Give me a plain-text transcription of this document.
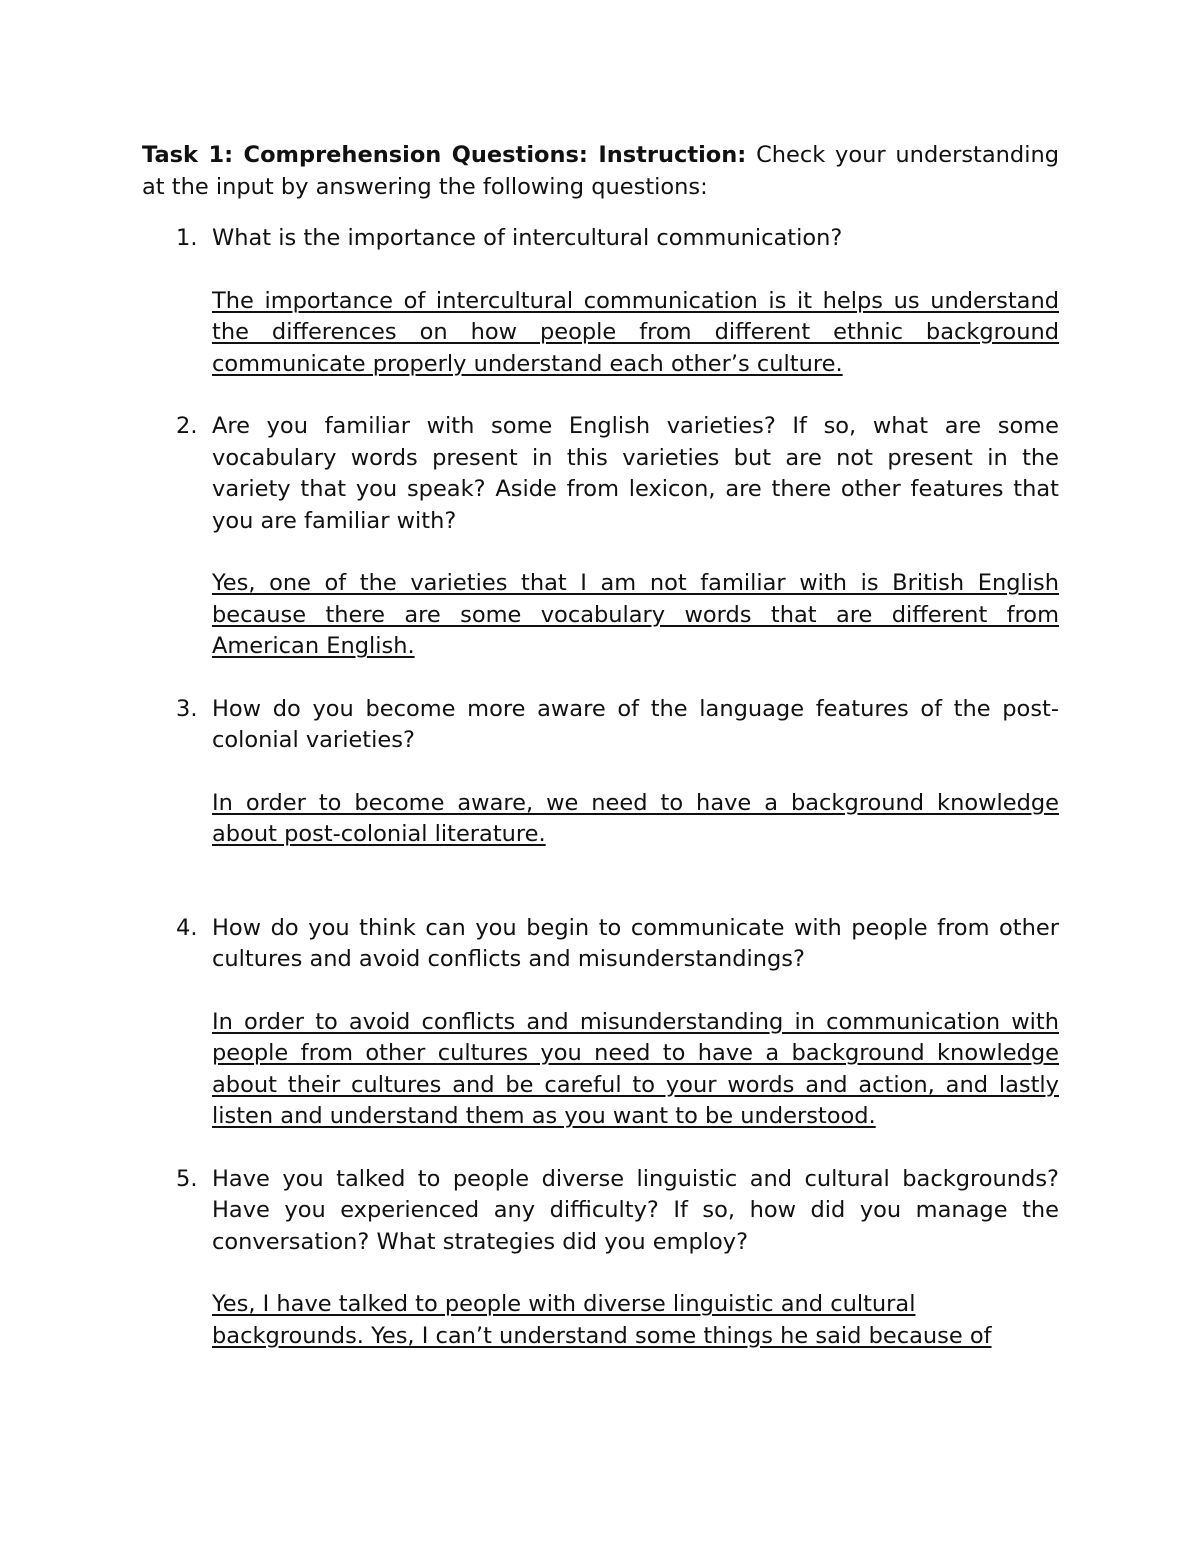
Task 1: Comprehension Questions: Instruction: Check your understanding at the input by answering the following questions:

1. What is the importance of intercultural communication?

The importance of intercultural communication is it helps us understand the differences on how people from different ethnic background communicate properly understand each other’s culture.

2. Are you familiar with some English varieties? If so, what are some vocabulary words present in this varieties but are not present in the variety that you speak? Aside from lexicon, are there other features that you are familiar with?

Yes, one of the varieties that I am not familiar with is British English because there are some vocabulary words that are different from American English.

3. How do you become more aware of the language features of the post-colonial varieties?

In order to become aware, we need to have a background knowledge about post-colonial literature.

4. How do you think can you begin to communicate with people from other cultures and avoid conflicts and misunderstandings?

In order to avoid conflicts and misunderstanding in communication with people from other cultures you need to have a background knowledge about their cultures and be careful to your words and action, and lastly listen and understand them as you want to be understood.

5. Have you talked to people diverse linguistic and cultural backgrounds? Have you experienced any difficulty? If so, how did you manage the conversation? What strategies did you employ?

Yes, I have talked to people with diverse linguistic and cultural backgrounds. Yes, I can’t understand some things he said because of
